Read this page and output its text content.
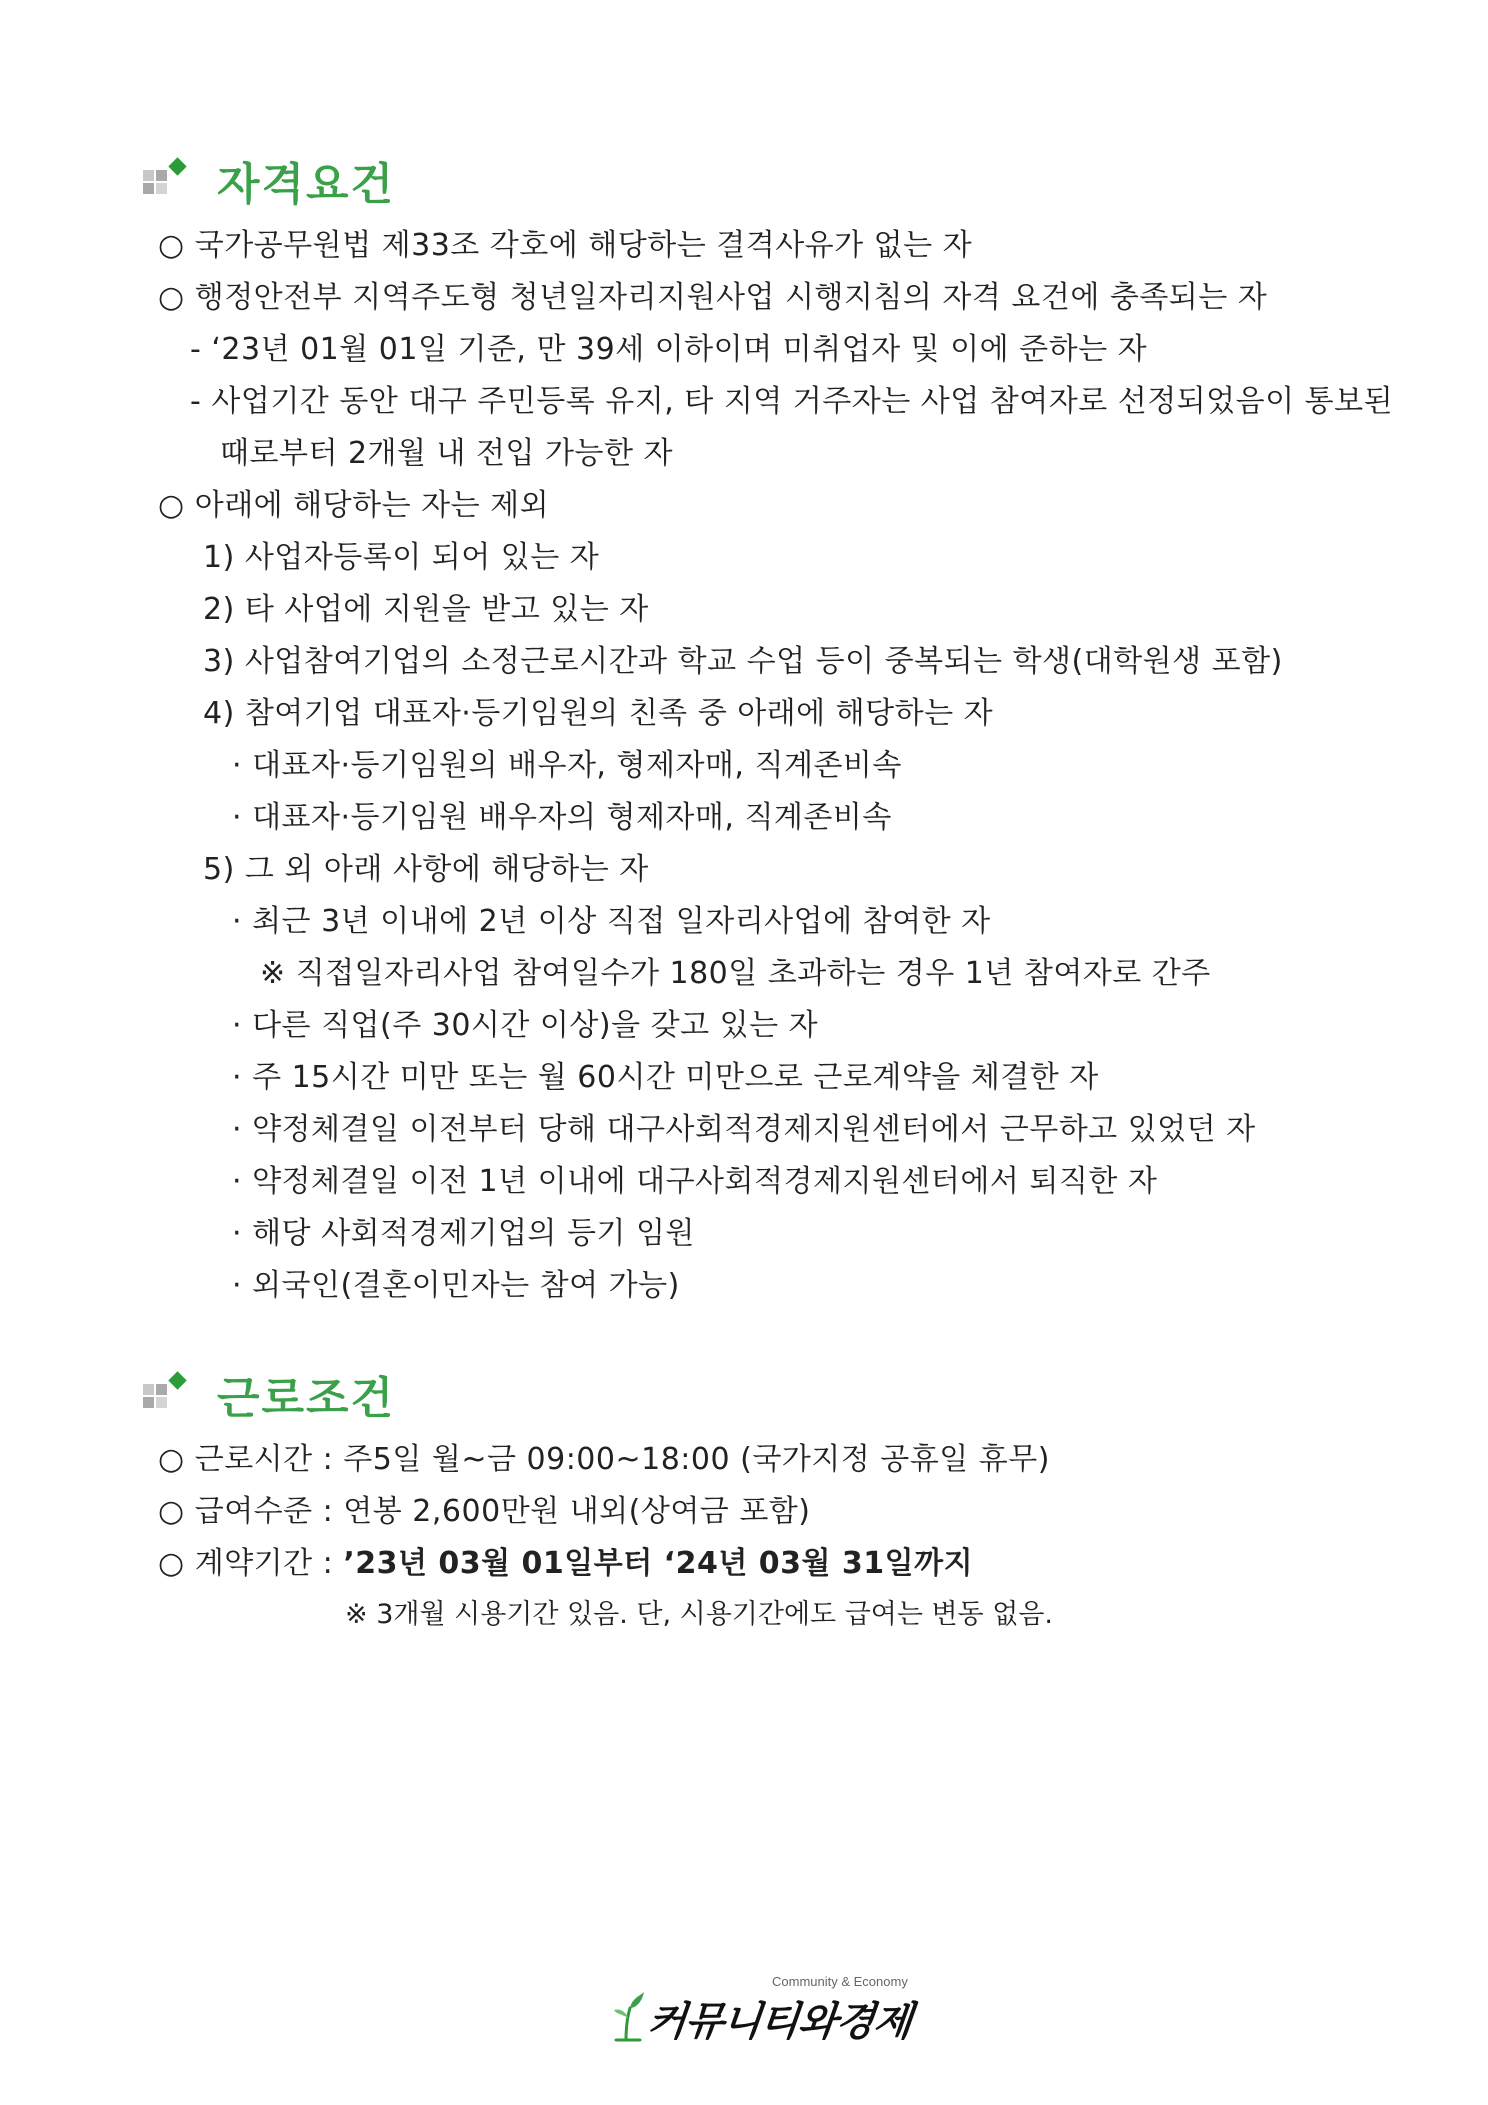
자격요건
○ 국가공무원법 제33조 각호에 해당하는 결격사유가 없는 자
○ 행정안전부 지역주도형 청년일자리지원사업 시행지침의 자격 요건에 충족되는 자
- ‘23년 01월 01일 기준, 만 39세 이하이며 미취업자 및 이에 준하는 자
- 사업기간 동안 대구 주민등록 유지, 타 지역 거주자는 사업 참여자로 선정되었음이 통보된
때로부터 2개월 내 전입 가능한 자
○ 아래에 해당하는 자는 제외
1) 사업자등록이 되어 있는 자
2) 타 사업에 지원을 받고 있는 자
3) 사업참여기업의 소정근로시간과 학교 수업 등이 중복되는 학생(대학원생 포함)
4) 참여기업 대표자·등기임원의 친족 중 아래에 해당하는 자
· 대표자·등기임원의 배우자, 형제자매, 직계존비속
· 대표자·등기임원 배우자의 형제자매, 직계존비속
5) 그 외 아래 사항에 해당하는 자
· 최근 3년 이내에 2년 이상 직접 일자리사업에 참여한 자
※ 직접일자리사업 참여일수가 180일 초과하는 경우 1년 참여자로 간주
· 다른 직업(주 30시간 이상)을 갖고 있는 자
· 주 15시간 미만 또는 월 60시간 미만으로 근로계약을 체결한 자
· 약정체결일 이전부터 당해 대구사회적경제지원센터에서 근무하고 있었던 자
· 약정체결일 이전 1년 이내에 대구사회적경제지원센터에서 퇴직한 자
· 해당 사회적경제기업의 등기 임원
· 외국인(결혼이민자는 참여 가능)
근로조건
○ 근로시간 : 주5일 월~금 09:00~18:00 (국가지정 공휴일 휴무)
○ 급여수준 : 연봉 2,600만원 내외(상여금 포함)
○ 계약기간 : ’23년 03월 01일부터 ‘24년 03월 31일까지
※ 3개월 시용기간 있음. 단, 시용기간에도 급여는 변동 없음.
Community & Economy
커뮤니티와경제
